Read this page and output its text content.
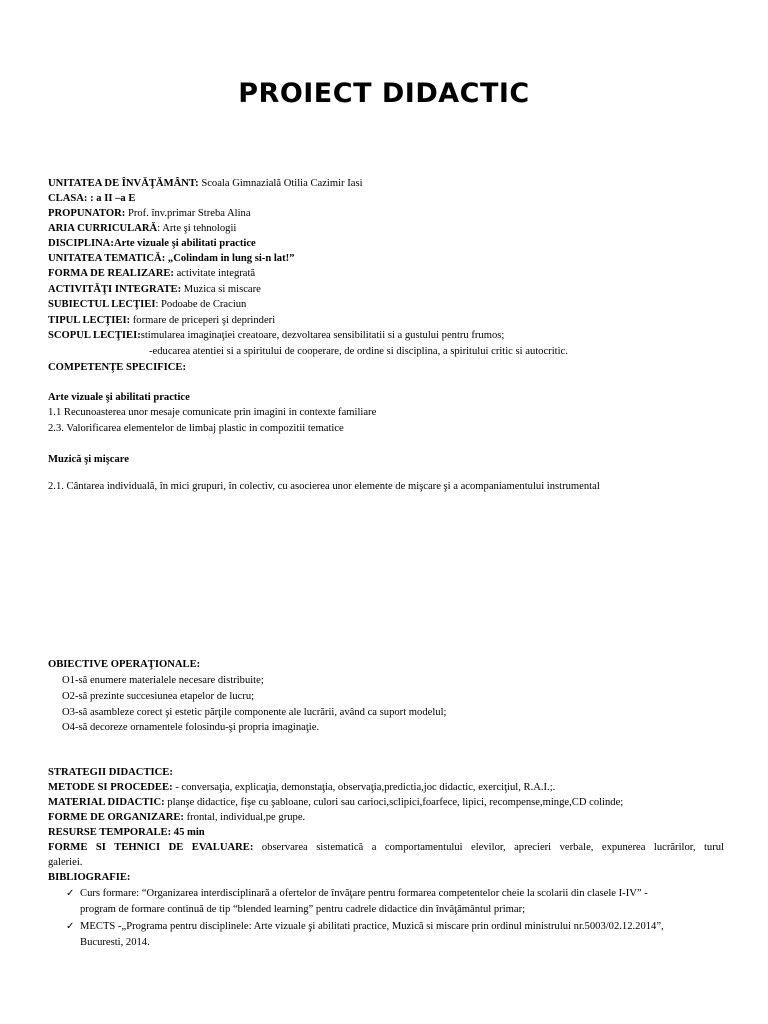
PROIECT DIDACTIC
UNITATEA DE ÎNVĂŢĂMÂNT: Scoala Gimnazială Otilia Cazimir Iasi
CLASA: : a II –a E
PROPUNATOR: Prof. înv.primar Streba Alina
ARIA CURRICULARĂ: Arte şi tehnologii
DISCIPLINA:Arte vizuale şi abilitati practice
UNITATEA TEMATICĂ: „Colindam in lung si-n lat!”
FORMA DE REALIZARE: activitate integrată
ACTIVITĂŢI INTEGRATE: Muzica si miscare
SUBIECTUL LECŢIEI: Podoabe de Craciun
TIPUL LECŢIEI: formare de priceperi şi deprinderi
SCOPUL LECŢIEI:stimularea imaginaţiei creatoare, dezvoltarea sensibilitatii si a gustului pentru frumos;
-educarea atentiei si a spiritului de cooperare, de ordine si disciplina, a spiritului critic si autocritic.
COMPETENŢE SPECIFICE:
Arte vizuale şi abilitati practice
1.1 Recunoasterea unor mesaje comunicate prin imagini in contexte familiare
2.3. Valorificarea elementelor de limbaj plastic in compozitii tematice
Muzică şi mişcare
2.1. Cântarea individuală, în mici grupuri, în colectiv, cu asocierea unor elemente de mişcare şi a acompaniamentului instrumental
OBIECTIVE OPERAŢIONALE:
O1-să enumere materialele necesare distribuite;
O2-să prezinte succesiunea etapelor de lucru;
O3-să asambleze corect şi estetic părţile componente ale lucrării, având ca suport modelul;
O4-să decoreze ornamentele folosindu-şi propria imaginaţie.
STRATEGII DIDACTICE:
METODE SI PROCEDEE: - conversaţia, explicaţia, demonstaţia, observaţia,predictia,joc didactic, exerciţiul, R.A.I.;.
MATERIAL DIDACTIC: planşe didactice, fişe cu şabloane, culori sau carioci,sclipici,foarfece, lipici, recompense,minge,CD colinde;
FORME DE ORGANIZARE: frontal, individual,pe grupe.
RESURSE TEMPORALE: 45 min
FORME SI TEHNICI DE EVALUARE: observarea sistematică a comportamentului elevilor, aprecieri verbale, expunerea lucrărilor, turul
galeriei.
BIBLIOGRAFIE:
✓ Curs formare: “Organizarea interdisciplinară a ofertelor de învăţare pentru formarea competentelor cheie la scolarii din clasele I-IV” -
program de formare continuă de tip “blended learning” pentru cadrele didactice din învăţământul primar;
✓ MECTS -„Programa pentru disciplinele: Arte vizuale şi abilitati practice, Muzică si miscare prin ordinul ministrului nr.5003/02.12.2014”,
Bucuresti, 2014.
